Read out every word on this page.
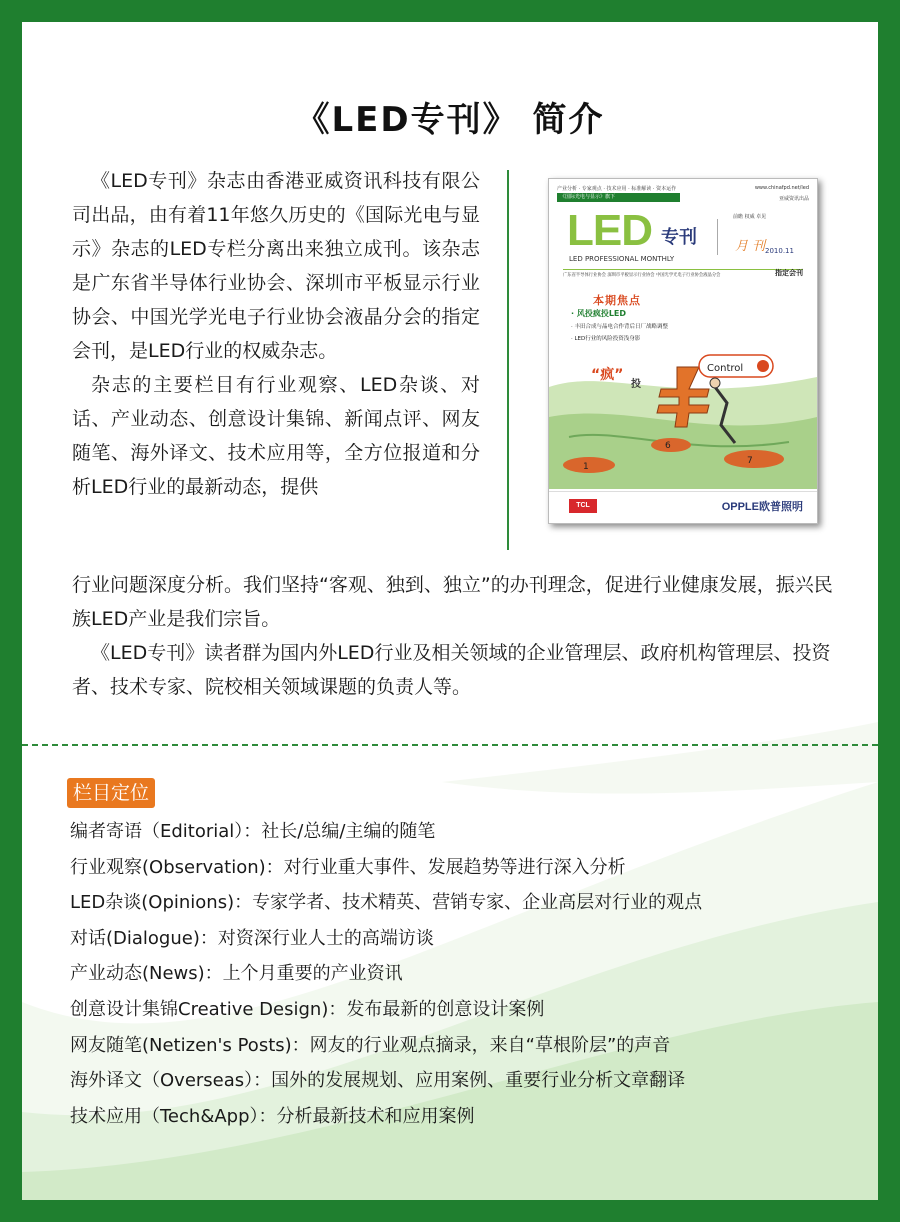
《LED专刊》 简介

《LED专刊》杂志由香港亚威资讯科技有限公司出品，由有着11年悠久历史的《国际光电与显示》杂志的LED专栏分离出来独立成刊。该杂志是广东省半导体行业协会、深圳市平板显示行业协会、中国光学光电子行业协会液晶分会的指定会刊，是LED行业的权威杂志。

杂志的主要栏目有行业观察、LED杂谈、对话、产业动态、创意设计集锦、新闻点评、网友随笔、海外译文、技术应用等，全方位报道和分析LED行业的最新动态，提供

产业分析 · 专家观点 · 技术应用 · 标准解读 · 资本运作
《国际光电与显示》旗下
www.chinafpd.net/led
亚威资讯出品
前瞻 权威 卓见
LED 专刊
LED PROFESSIONAL MONTHLY
月 刊 2010.11
广东省半导体行业协会 深圳市平板显示行业协会 中国光学光电子行业协会液晶分会	指定会刊
本期焦点
· 风投疯投LED
· 丰田合成与晶电合作背后日厂战略调整
· LED行业的风险投资浅身影
1
6
7
“疯”
投
Control
TCL	OPPLE欧普照明

行业问题深度分析。我们坚持“客观、独到、独立”的办刊理念，促进行业健康发展，振兴民族LED产业是我们宗旨。

《LED专刊》读者群为国内外LED行业及相关领域的企业管理层、政府机构管理层、投资者、技术专家、院校相关领域课题的负责人等。

栏目定位
编者寄语（Editorial）：社长/总编/主编的随笔
行业观察(Observation)：对行业重大事件、发展趋势等进行深入分析
LED杂谈(Opinions)：专家学者、技术精英、营销专家、企业高层对行业的观点
对话(Dialogue)：对资深行业人士的高端访谈
产业动态(News)：上个月重要的产业资讯
创意设计集锦Creative Design)：发布最新的创意设计案例
网友随笔(Netizen's Posts)：网友的行业观点摘录，来自“草根阶层”的声音
海外译文（Overseas）：国外的发展规划、应用案例、重要行业分析文章翻译
技术应用（Tech&App）：分析最新技术和应用案例
